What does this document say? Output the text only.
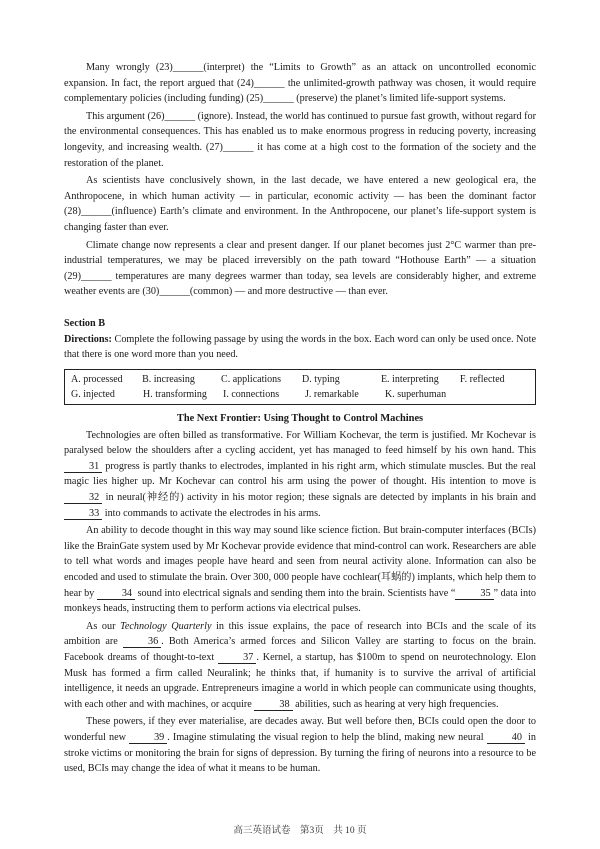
Many wrongly (23)______(interpret) the “Limits to Growth” as an attack on uncontrolled economic expansion. In fact, the report argued that (24)______ the unlimited-growth pathway was chosen, it would require complementary policies (including funding) (25)______ (preserve) the planet’s limited life-support systems.

This argument (26)______ (ignore). Instead, the world has continued to pursue fast growth, without regard for the environmental consequences. This has enabled us to make enormous progress in reducing poverty, increasing longevity, and increasing wealth. (27)______ it has come at a high cost to the formation of the society and the restoration of the planet.

As scientists have conclusively shown, in the last decade, we have entered a new geological era, the Anthropocene, in which human activity — in particular, economic activity — has been the dominant factor (28)______(influence) Earth’s climate and environment. In the Anthropocene, our planet’s life-support system is changing faster than ever.

Climate change now represents a clear and present danger. If our planet becomes just 2°C warmer than pre-industrial temperatures, we may be placed irreversibly on the path toward “Hothouse Earth” — a situation (29)______ temperatures are many degrees warmer than today, sea levels are considerably higher, and extreme weather events are (30)______(common) — and more destructive — than ever.

Section B

Directions: Complete the following passage by using the words in the box. Each word can only be used once. Note that there is one word more than you need.

A. processed	B. increasing	C. applications	D. typing	E. interpreting	F. reflected
G. injected	H. transforming	I. connections	J. remarkable	K. superhuman

The Next Frontier: Using Thought to Control Machines

Technologies are often billed as transformative. For William Kochevar, the term is justified. Mr Kochevar is paralysed below the shoulders after a cycling accident, yet has managed to feed himself by his own hand. This 31 progress is partly thanks to electrodes, implanted in his right arm, which stimulate muscles. But the real magic lies higher up. Mr Kochevar can control his arm using the power of thought. His intention to move is 32 in neural(神经的) activity in his motor region; these signals are detected by implants in his brain and 33 into commands to activate the electrodes in his arms.

An ability to decode thought in this way may sound like science fiction. But brain-computer interfaces (BCIs) like the BrainGate system used by Mr Kochevar provide evidence that mind-control can work. Researchers are able to tell what words and images people have heard and seen from neural activity alone. Information can also be encoded and used to stimulate the brain. Over 300, 000 people have cochlear(耳蜗的) implants, which help them to hear by 34 sound into electrical signals and sending them into the brain. Scientists have “ 35 ” data into monkeys heads, instructing them to perform actions via electrical pulses.

As our Technology Quarterly in this issue explains, the pace of research into BCIs and the scale of its ambition are 36 . Both America’s armed forces and Silicon Valley are starting to focus on the brain. Facebook dreams of thought-to-text 37 . Kernel, a startup, has $100m to spend on neurotechnology. Elon Musk has formed a firm called Neuralink; he thinks that, if humanity is to survive the arrival of artificial intelligence, it needs an upgrade. Entrepreneurs imagine a world in which people can communicate using thoughts, with each other and with machines, or acquire 38 abilities, such as hearing at very high frequencies.

These powers, if they ever materialise, are decades away. But well before then, BCIs could open the door to wonderful new 39 . Imagine stimulating the visual region to help the blind, making new neural 40 in stroke victims or monitoring the brain for signs of depression. By turning the firing of neurons into a resource to be used, BCIs may change the idea of what it means to be human.

高三英语试卷　第3页　共 10 页
